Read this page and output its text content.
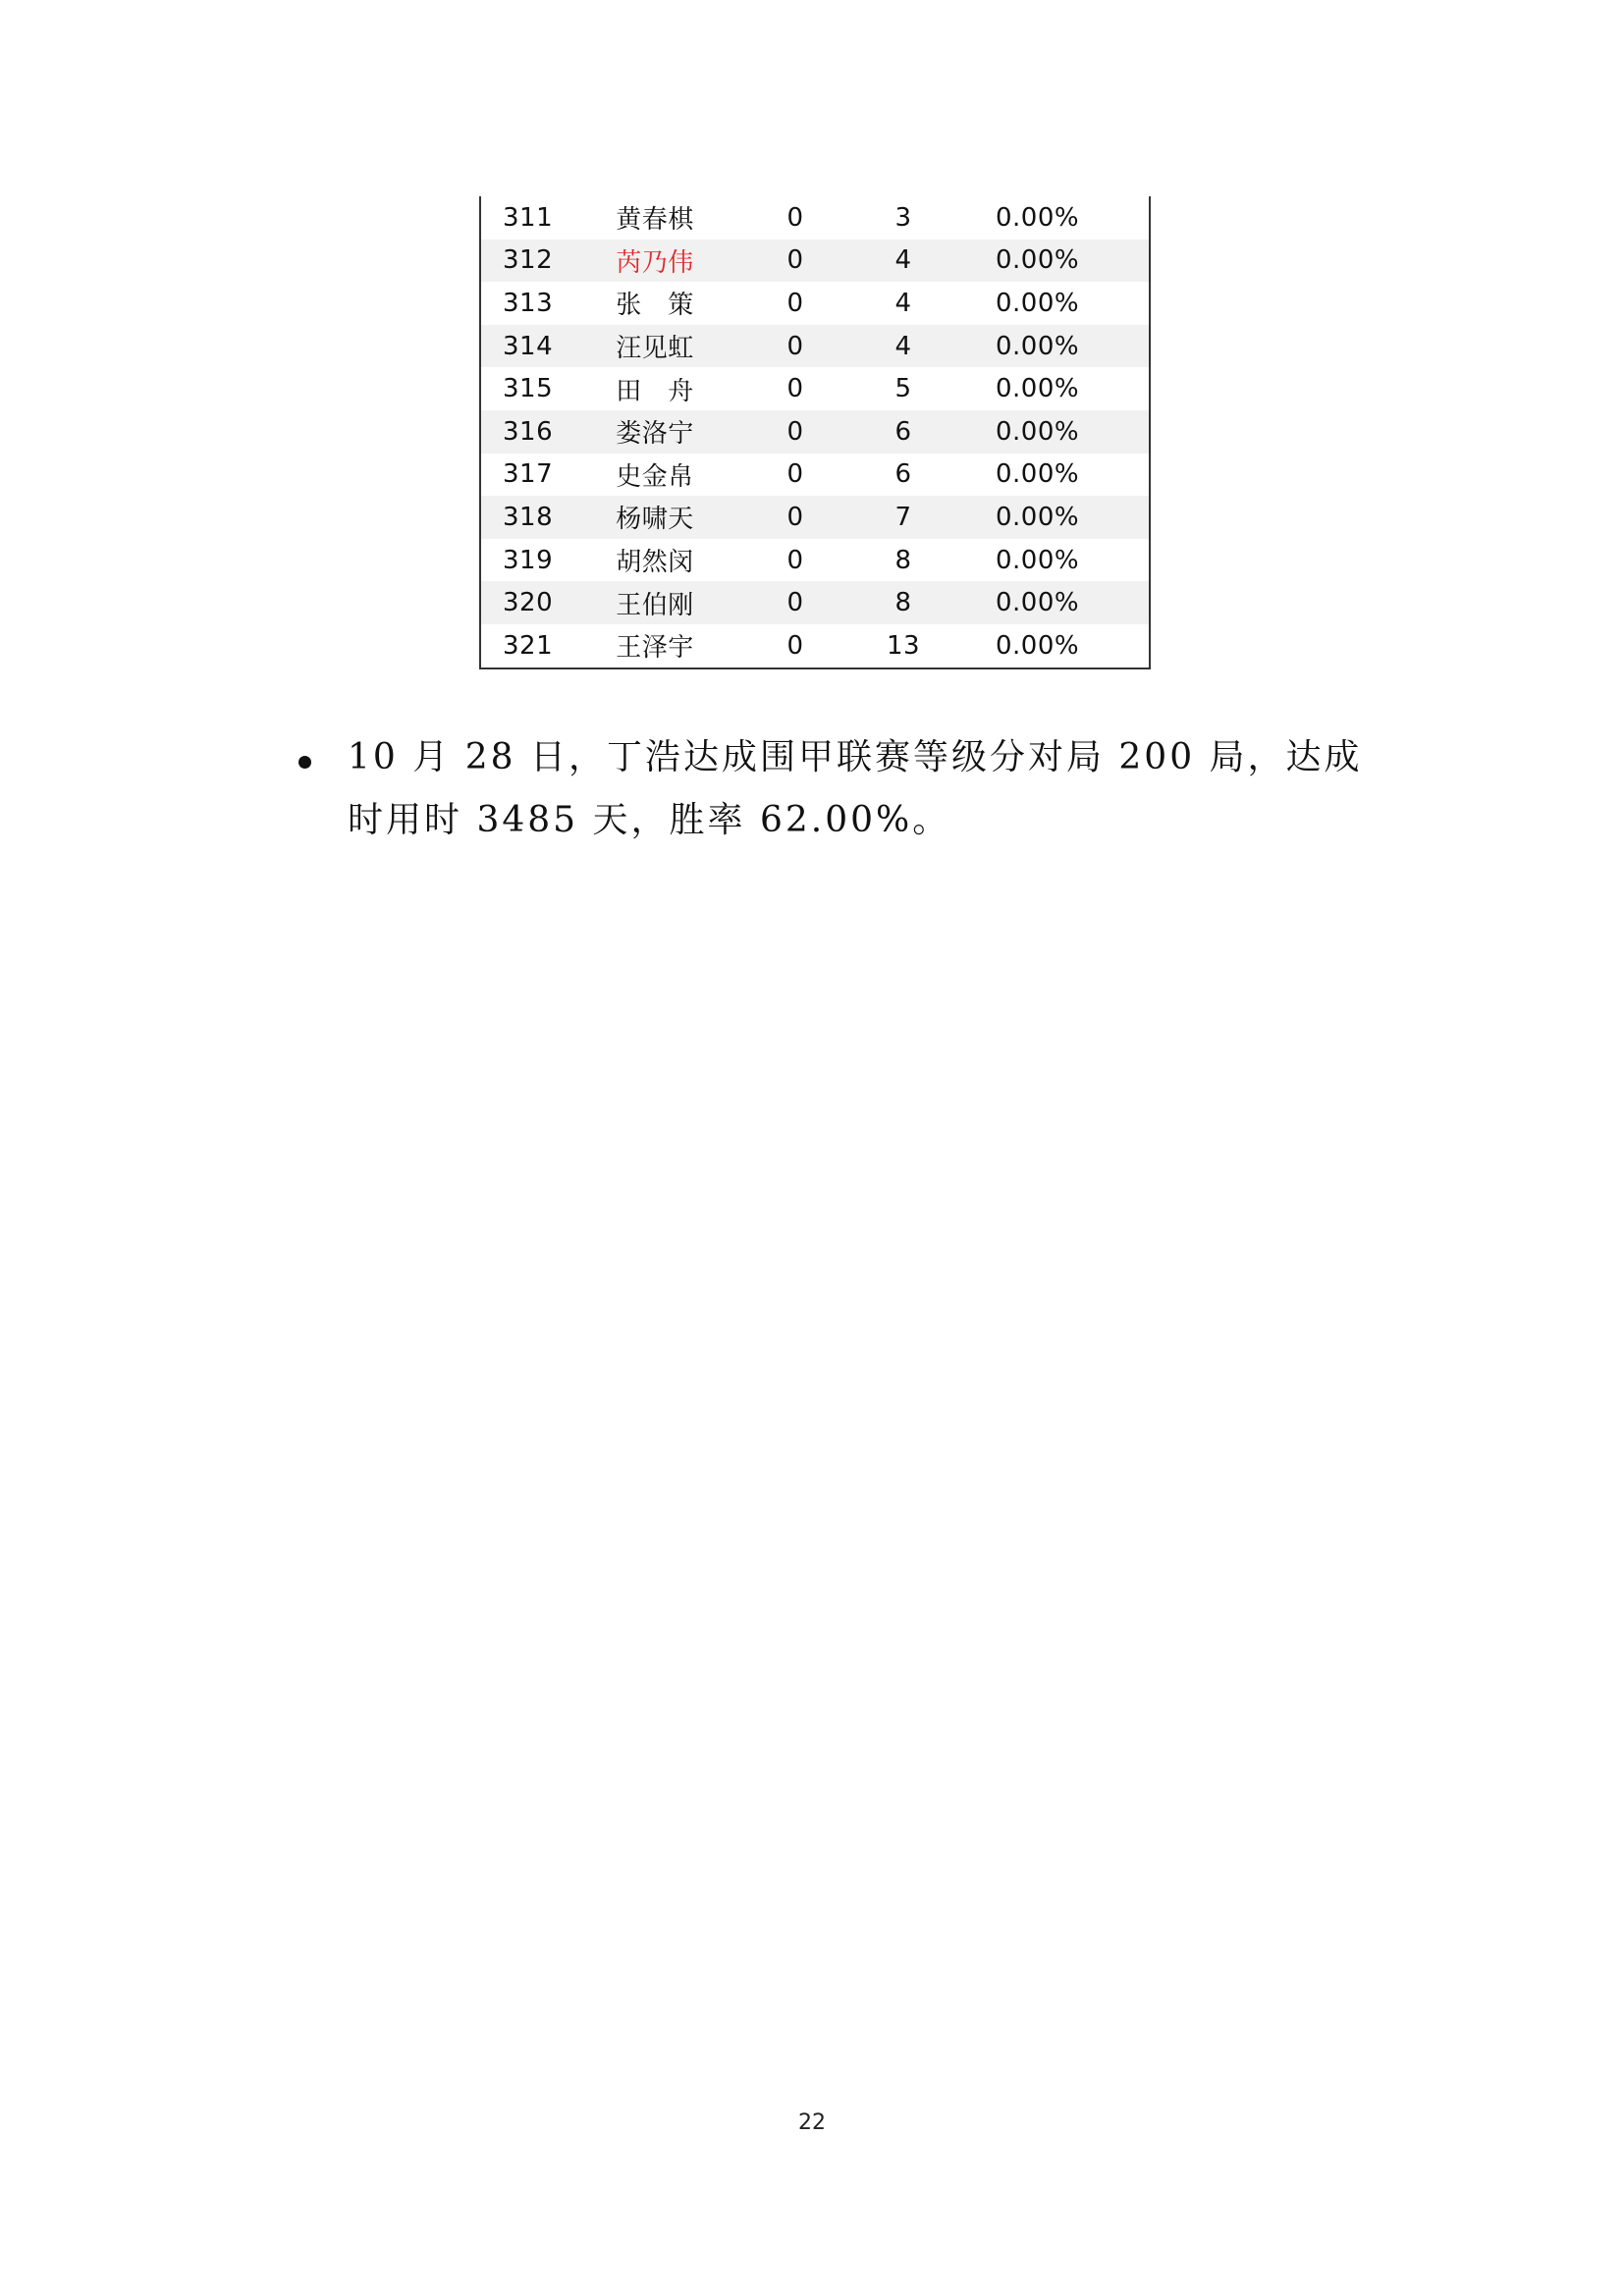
311	黄春棋	0	3	0.00%
312	芮乃伟	0	4	0.00%
313	张　策	0	4	0.00%
314	汪见虹	0	4	0.00%
315	田　舟	0	5	0.00%
316	娄洛宁	0	6	0.00%
317	史金帛	0	6	0.00%
318	杨啸天	0	7	0.00%
319	胡然闵	0	8	0.00%
320	王伯刚	0	8	0.00%
321	王泽宇	0	13	0.00%
10 月 28 日，丁浩达成围甲联赛等级分对局 200 局，达成时用时 3485 天，胜率 62.00%。
22
